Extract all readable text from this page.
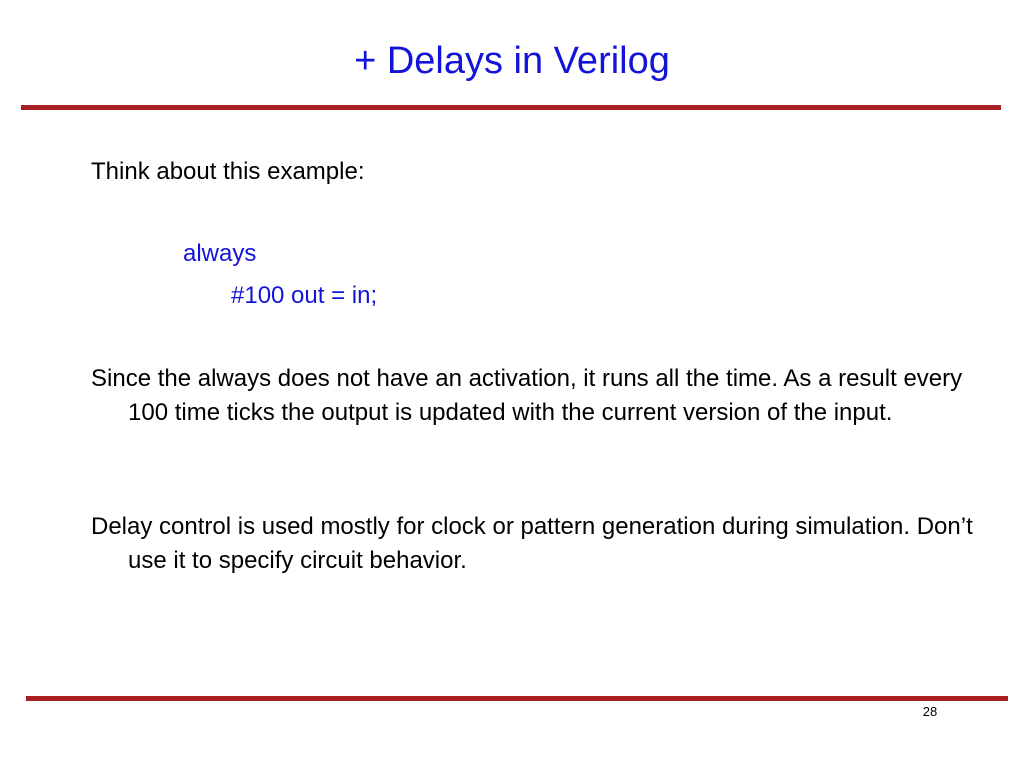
+ Delays in Verilog
Think about this example:
always
#100 out = in;
Since the always does not have an activation, it runs all the time. As a result every 100 time ticks the output is updated with the current version of the input.
Delay control is used mostly for clock or pattern generation during simulation. Don’t use it to specify circuit behavior.
28
